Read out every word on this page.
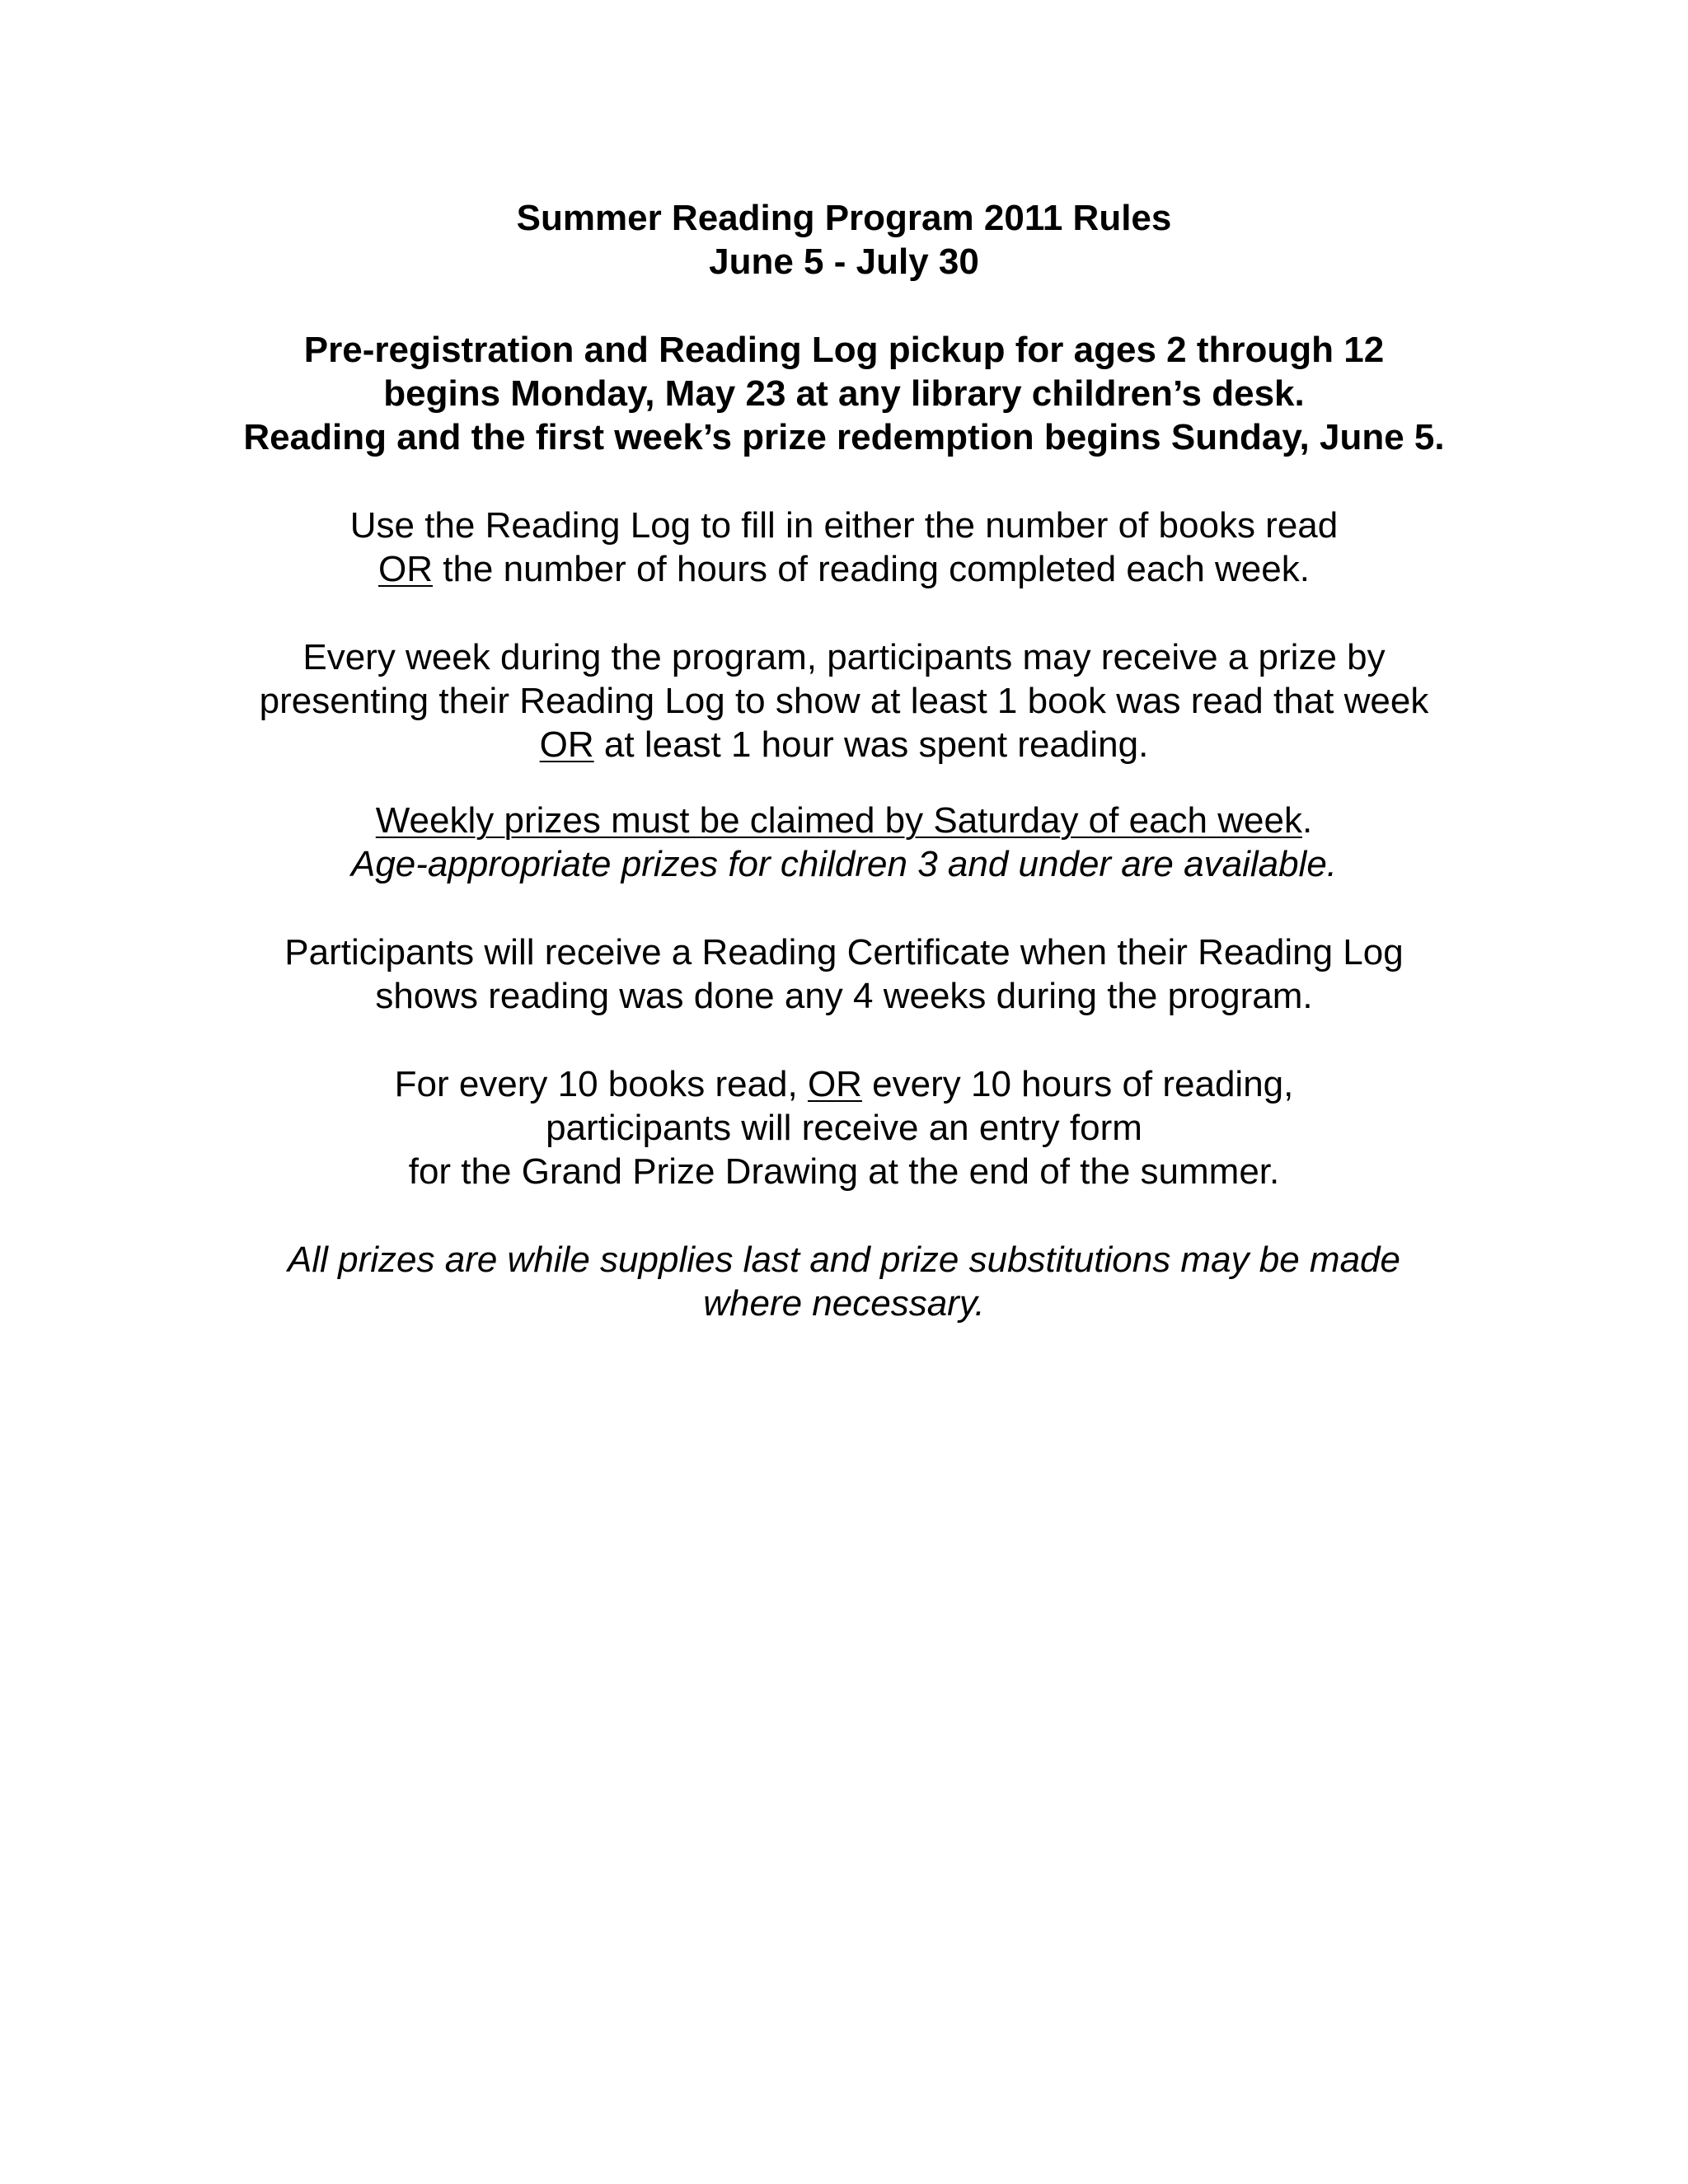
Summer Reading Program 2011 Rules
June 5 - July 30
Pre-registration and Reading Log pickup for ages 2 through 12
begins Monday, May 23 at any library children’s desk.
Reading and the first week’s prize redemption begins Sunday, June 5.
Use the Reading Log to fill in either the number of books read
OR the number of hours of reading completed each week.
Every week during the program, participants may receive a prize by
presenting their Reading Log to show at least 1 book was read that week
OR at least 1 hour was spent reading.
Weekly prizes must be claimed by Saturday of each week.
Age-appropriate prizes for children 3 and under are available.
Participants will receive a Reading Certificate when their Reading Log
shows reading was done any 4 weeks during the program.
For every 10 books read, OR every 10 hours of reading,
participants will receive an entry form
for the Grand Prize Drawing at the end of the summer.
All prizes are while supplies last and prize substitutions may be made
where necessary.
